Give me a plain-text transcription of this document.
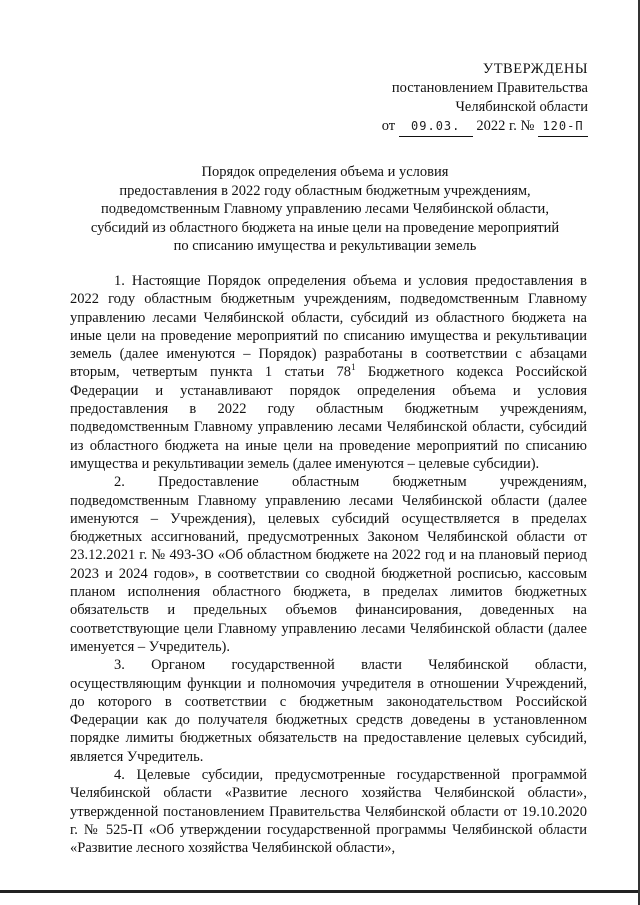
УТВЕРЖДЕНЫ
постановлением Правительства
Челябинской области
от 09.03. 2022 г. № 120-П
Порядок определения объема и условия
предоставления в 2022 году областным бюджетным учреждениям,
подведомственным Главному управлению лесами Челябинской области,
субсидий из областного бюджета на иные цели на проведение мероприятий
по списанию имущества и рекультивации земель

1. Настоящие Порядок определения объема и условия предоставления в 2022 году областным бюджетным учреждениям, подведомственным Главному управлению лесами Челябинской области, субсидий из областного бюджета на иные цели на проведение мероприятий по списанию имущества и рекультивации земель (далее именуются – Порядок) разработаны в соответствии с абзацами вторым, четвертым пункта 1 статьи $78^1$ Бюджетного кодекса Российской Федерации и устанавливают порядок определения объема и условия предоставления в 2022 году областным бюджетным учреждениям, подведомственным Главному управлению лесами Челябинской области, субсидий из областного бюджета на иные цели на проведение мероприятий по списанию имущества и рекультивации земель (далее именуются – целевые субсидии).

2. Предоставление областным бюджетным учреждениям, подведомственным Главному управлению лесами Челябинской области (далее именуются – Учреждения), целевых субсидий осуществляется в пределах бюджетных ассигнований, предусмотренных Законом Челябинской области от 23.12.2021 г. № 493-ЗО «Об областном бюджете на 2022 год и на плановый период 2023 и 2024 годов», в соответствии со сводной бюджетной росписью, кассовым планом исполнения областного бюджета, в пределах лимитов бюджетных обязательств и предельных объемов финансирования, доведенных на соответствующие цели Главному управлению лесами Челябинской области (далее именуется – Учредитель).

3. Органом государственной власти Челябинской области, осуществляющим функции и полномочия учредителя в отношении Учреждений, до которого в соответствии с бюджетным законодательством Российской Федерации как до получателя бюджетных средств доведены в установленном порядке лимиты бюджетных обязательств на предоставление целевых субсидий, является Учредитель.

4. Целевые субсидии, предусмотренные государственной программой Челябинской области «Развитие лесного хозяйства Челябинской области», утвержденной постановлением Правительства Челябинской области от 19.10.2020 г. № 525-П «Об утверждении государственной программы Челябинской области «Развитие лесного хозяйства Челябинской области»,
